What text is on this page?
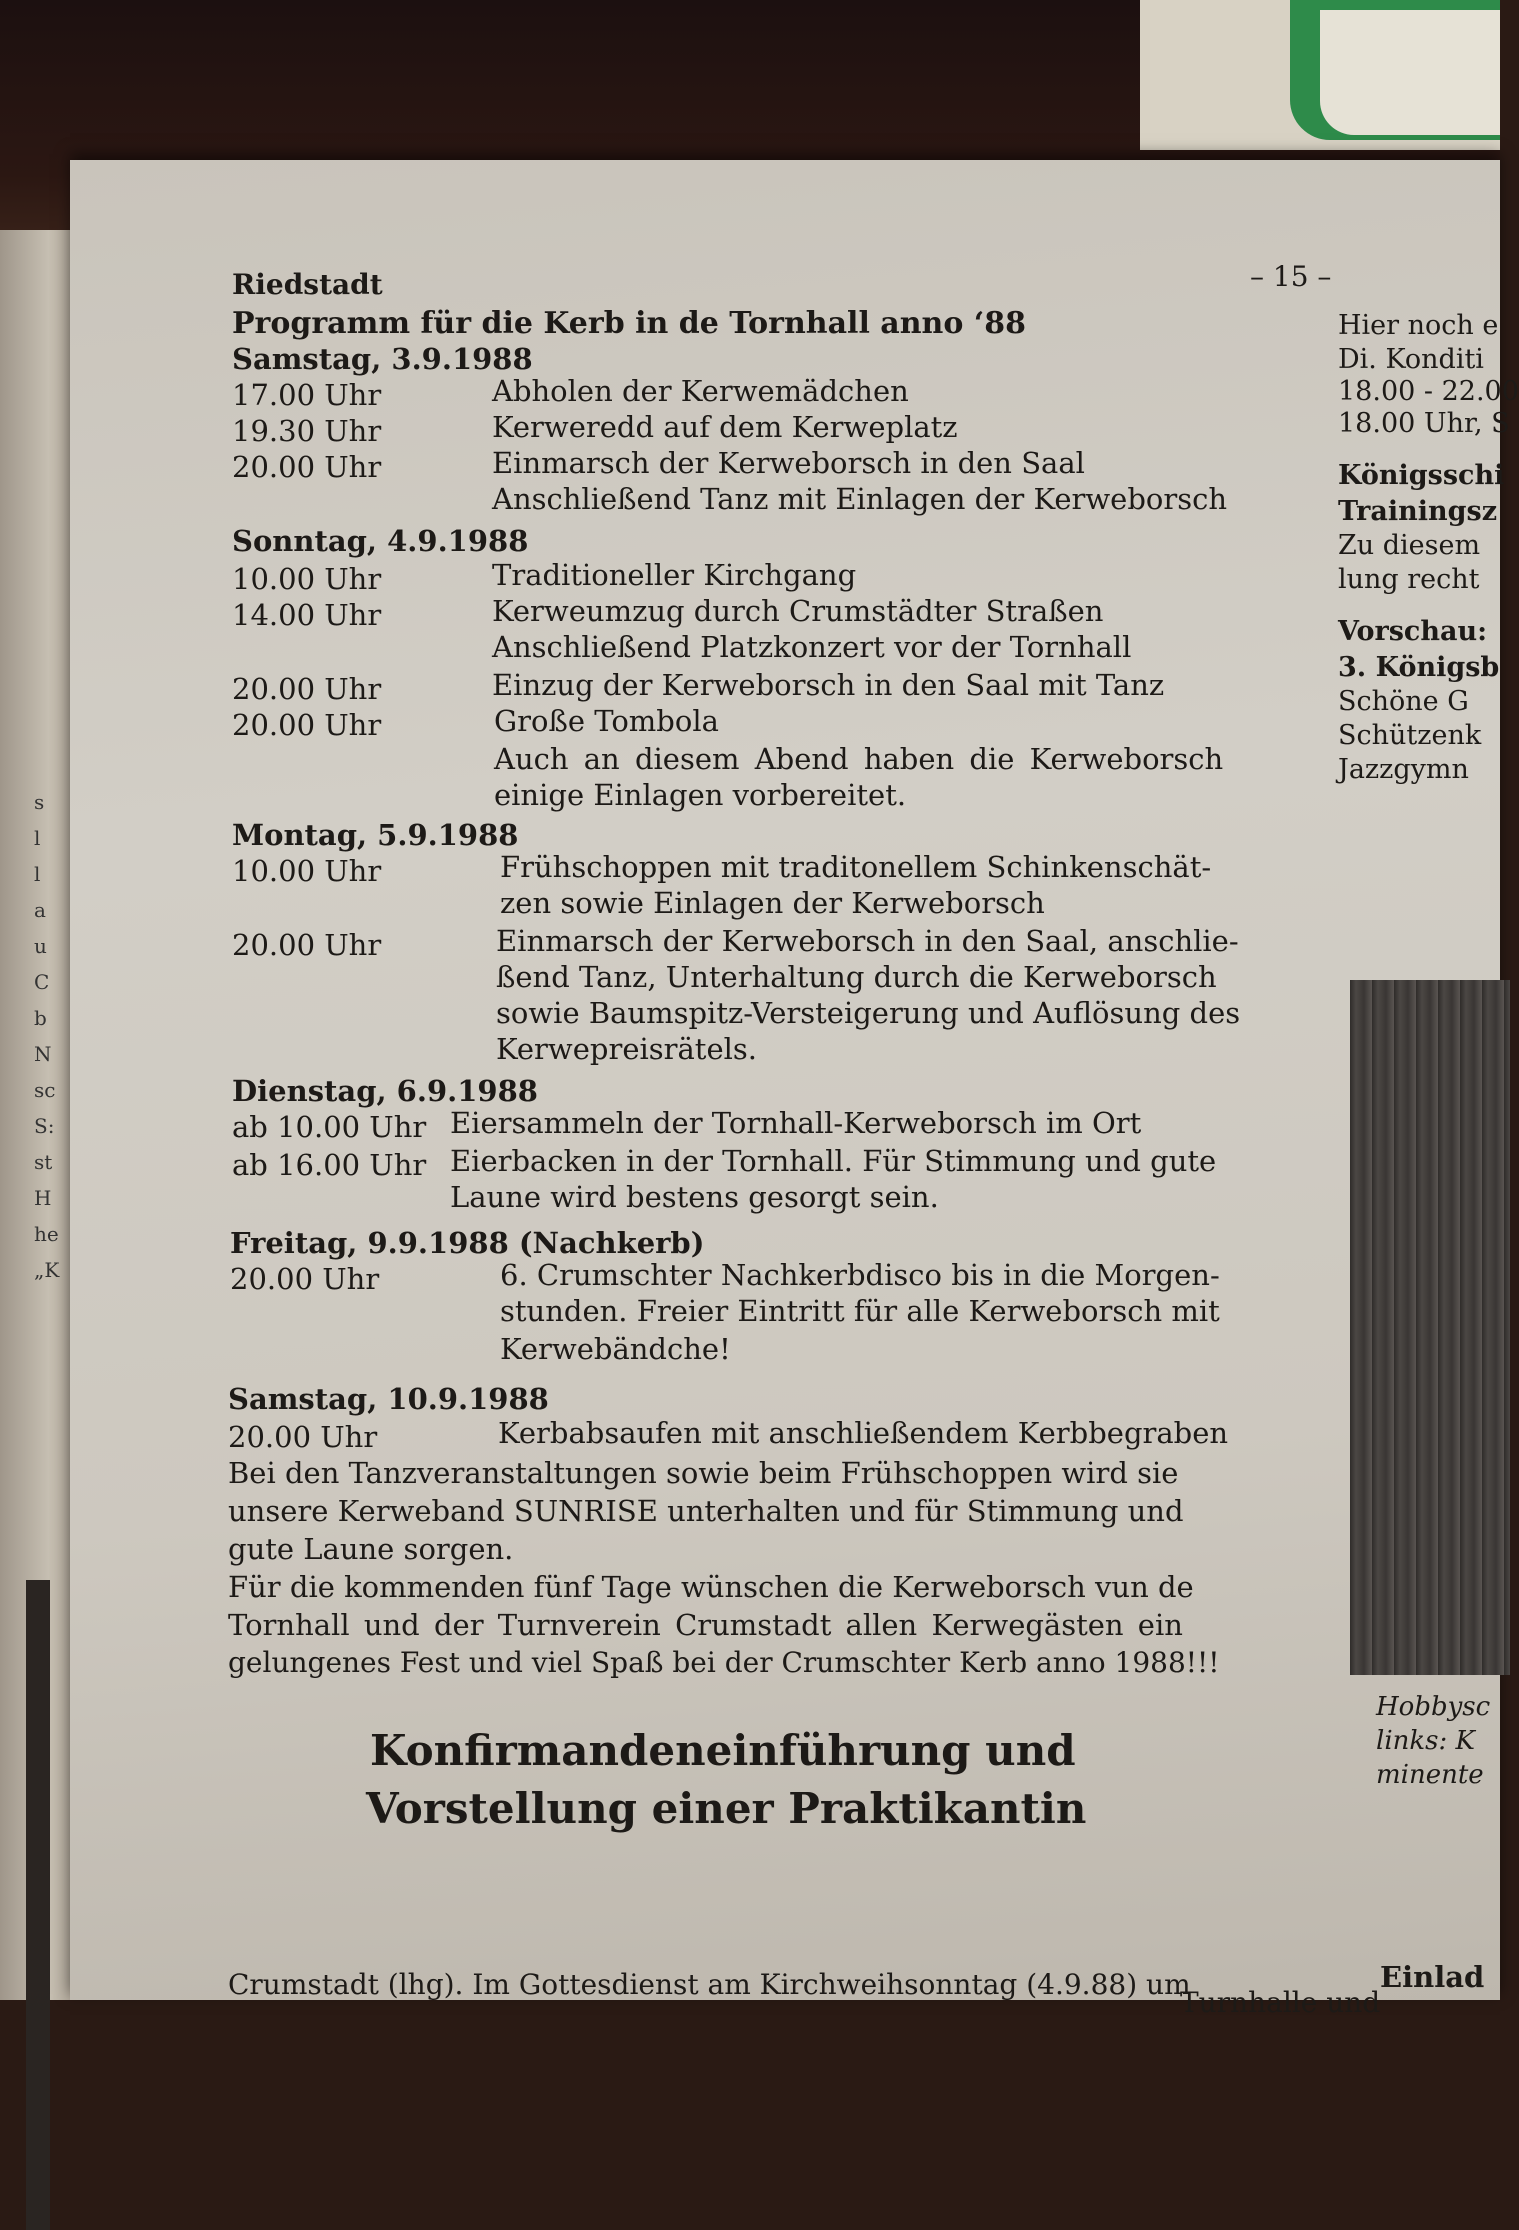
s
l
l
a
u
C
b
N
sc
S:
st
H
he
„K
Riedstadt	– 15 –
Programm für die Kerb in de Tornhall anno ‘88
Samstag, 3.9.1988
17.00 Uhr	Abholen der Kerwemädchen
19.30 Uhr	Kerweredd auf dem Kerweplatz
20.00 Uhr	Einmarsch der Kerweborsch in den Saal
Anschließend Tanz mit Einlagen der Kerweborsch
Sonntag, 4.9.1988
10.00 Uhr	Traditioneller Kirchgang
14.00 Uhr	Kerweumzug durch Crumstädter Straßen
Anschließend Platzkonzert vor der Tornhall
20.00 Uhr	Einzug der Kerweborsch in den Saal mit Tanz
20.00 Uhr	Große Tombola
Auch an diesem Abend haben die Kerweborsch
einige Einlagen vorbereitet.
Montag, 5.9.1988
10.00 Uhr	Frühschoppen mit traditonellem Schinkenschät-
zen sowie Einlagen der Kerweborsch
20.00 Uhr	Einmarsch der Kerweborsch in den Saal, anschlie-
ßend Tanz, Unterhaltung durch die Kerweborsch
sowie Baumspitz-Versteigerung und Auflösung des
Kerwepreisrätels.
Dienstag, 6.9.1988
ab 10.00 Uhr Eiersammeln der Tornhall-Kerweborsch im Ort
ab 16.00 Uhr Eierbacken in der Tornhall. Für Stimmung und gute
Laune wird bestens gesorgt sein.
Freitag, 9.9.1988 (Nachkerb)
20.00 Uhr	6. Crumschter Nachkerbdisco bis in die Morgen-
stunden. Freier Eintritt für alle Kerweborsch mit
Kerwebändche!
Samstag, 10.9.1988
20.00 Uhr	Kerbabsaufen mit anschließendem Kerbbegraben
Bei den Tanzveranstaltungen sowie beim Frühschoppen wird sie
unsere Kerweband SUNRISE unterhalten und für Stimmung und
gute Laune sorgen.
Für die kommenden fünf Tage wünschen die Kerweborsch vun de
Tornhall und der Turnverein Crumstadt allen Kerwegästen ein
gelungenes Fest und viel Spaß bei der Crumschter Kerb anno 1988!!!
Konfirmandeneinführung und
Vorstellung einer Praktikantin
Crumstadt (lhg). Im Gottesdienst am Kirchweihsonntag (4.9.88) um
Turnhalle und
Hier noch e
Di. Konditi
18.00 - 22.00
18.00 Uhr, S
Königsschi
Trainingsz
Zu diesem
lung recht
Vorschau:
3. Königsb
Schöne G
Schützenk
Jazzgymn
Hobbysc
links: K
minente
Einlad
